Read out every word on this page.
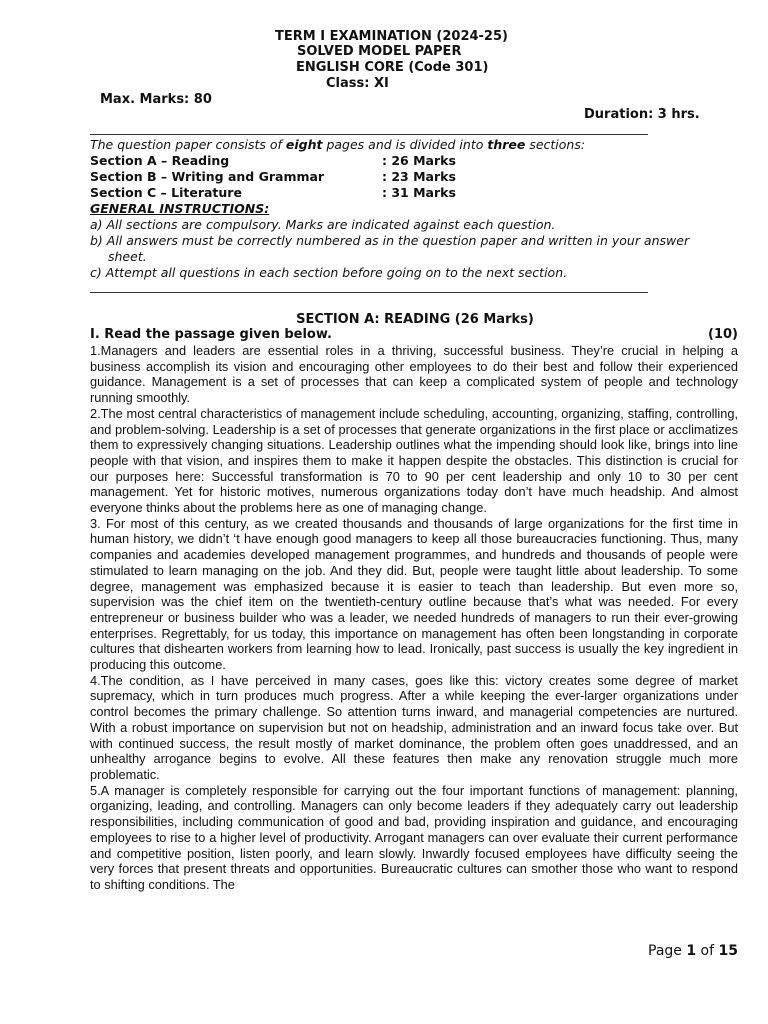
TERM I EXAMINATION (2024-25)
SOLVED MODEL PAPER
ENGLISH CORE (Code 301)
Class: XI
Max. Marks: 80
Duration: 3 hrs.
The question paper consists of eight pages and is divided into three sections:
Section A – Reading	: 26 Marks
Section B – Writing and Grammar	: 23 Marks
Section C – Literature	: 31 Marks
GENERAL INSTRUCTIONS:
a) All sections are compulsory. Marks are indicated against each question.
b) All answers must be correctly numbered as in the question paper and written in your answer
sheet.
c) Attempt all questions in each section before going on to the next section.
SECTION A: READING (26 Marks)
I. Read the passage given below.	(10)

1.Managers and leaders are essential roles in a thriving, successful business. They’re crucial in helping a business accomplish its vision and encouraging other employees to do their best and follow their experienced guidance. Management is a set of processes that can keep a complicated system of people and technology running smoothly.

2.The most central characteristics of management include scheduling, accounting, organizing, staffing, controlling, and problem-solving. Leadership is a set of processes that generate organizations in the first place or acclimatizes them to expressively changing situations. Leadership outlines what the impending should look like, brings into line people with that vision, and inspires them to make it happen despite the obstacles. This distinction is crucial for our purposes here: Successful transformation is 70 to 90 per cent leadership and only 10 to 30 per cent management. Yet for historic motives, numerous organizations today don’t have much headship. And almost everyone thinks about the problems here as one of managing change.

3. For most of this century, as we created thousands and thousands of large organizations for the first time in human history, we didn’t ‘t have enough good managers to keep all those bureaucracies functioning. Thus, many companies and academies developed management programmes, and hundreds and thousands of people were stimulated to learn managing on the job. And they did. But, people were taught little about leadership. To some degree, management was emphasized because it is easier to teach than leadership. But even more so, supervision was the chief item on the twentieth-century outline because that’s what was needed. For every entrepreneur or business builder who was a leader, we needed hundreds of managers to run their ever-growing enterprises. Regrettably, for us today, this importance on management has often been longstanding in corporate cultures that dishearten workers from learning how to lead. Ironically, past success is usually the key ingredient in producing this outcome.

4.The condition, as I have perceived in many cases, goes like this: victory creates some degree of market supremacy, which in turn produces much progress. After a while keeping the ever-larger organizations under control becomes the primary challenge. So attention turns inward, and managerial competencies are nurtured. With a robust importance on supervision but not on headship, administration and an inward focus take over. But with continued success, the result mostly of market dominance, the problem often goes unaddressed, and an unhealthy arrogance begins to evolve. All these features then make any renovation struggle much more problematic.

5.A manager is completely responsible for carrying out the four important functions of management: planning, organizing, leading, and controlling. Managers can only become leaders if they adequately carry out leadership responsibilities, including communication of good and bad, providing inspiration and guidance, and encouraging employees to rise to a higher level of productivity. Arrogant managers can over evaluate their current performance and competitive position, listen poorly, and learn slowly. Inwardly focused employees have difficulty seeing the very forces that present threats and opportunities. Bureaucratic cultures can smother those who want to respond to shifting conditions. The

Page 1 of 15
